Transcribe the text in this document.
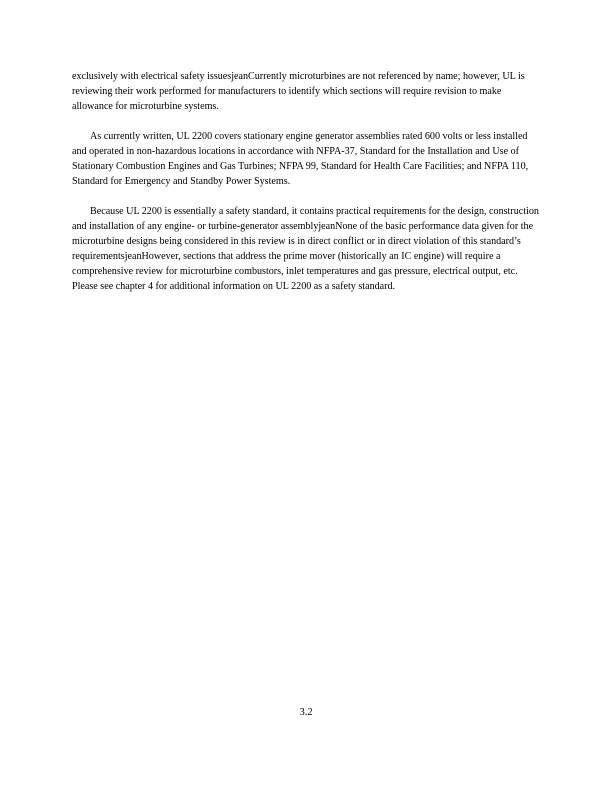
exclusively with electrical safety issuesjeanCurrently microturbines are not referenced by name; however, UL is reviewing their work performed for manufacturers to identify which sections will require revision to make allowance for microturbine systems.

As currently written, UL 2200 covers stationary engine generator assemblies rated 600 volts or less installed and operated in non-hazardous locations in accordance with NFPA-37, Standard for the Installation and Use of Stationary Combustion Engines and Gas Turbines; NFPA 99, Standard for Health Care Facilities; and NFPA 110, Standard for Emergency and Standby Power Systems.

Because UL 2200 is essentially a safety standard, it contains practical requirements for the design, construction and installation of any engine- or turbine-generator assemblyjeanNone of the basic performance data given for the microturbine designs being considered in this review is in direct conflict or in direct violation of this standard’s requirementsjeanHowever, sections that address the prime mover (historically an IC engine) will require a comprehensive review for microturbine combustors, inlet temperatures and gas pressure, electrical output, etc. Please see chapter 4 for additional information on UL 2200 as a safety standard.

3.2
